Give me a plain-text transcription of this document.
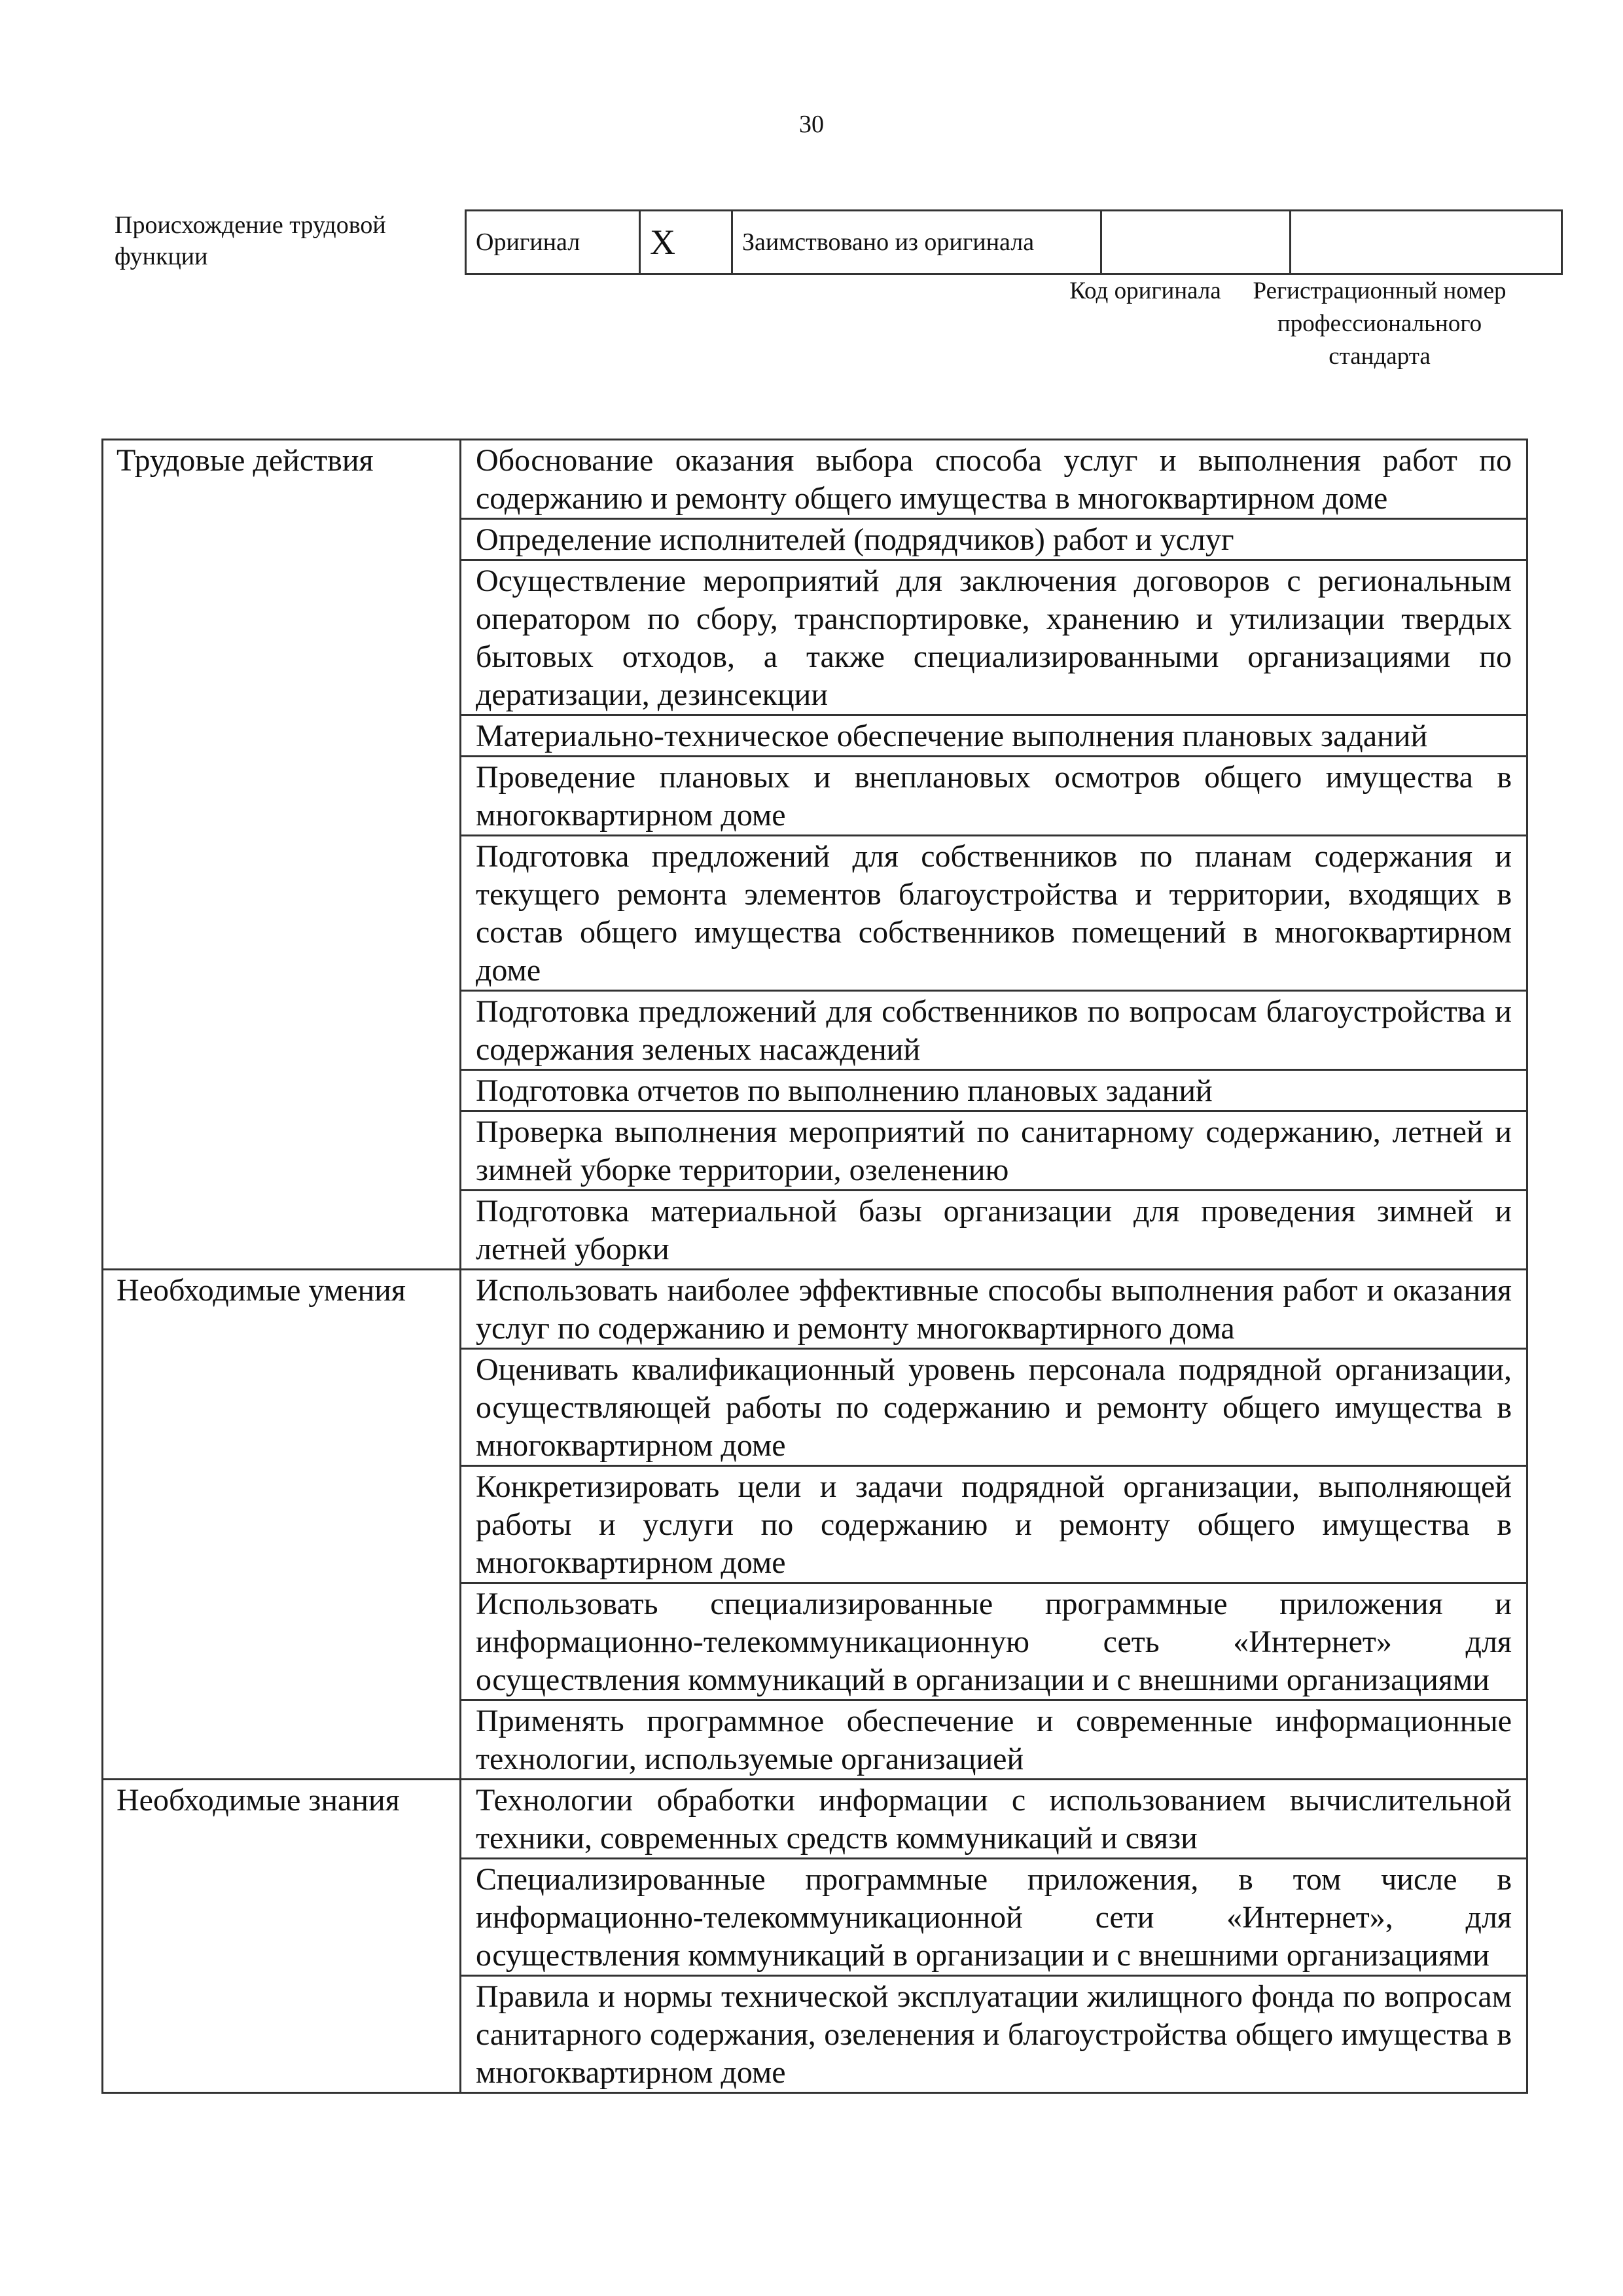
30
Происхождение трудовой функции
Оригинал	X	Заимствовано из оригинала		
Код оригинала	Регистрационный номер профессионального стандарта
Трудовые действия	Обоснование оказания выбора способа услуг и выполнения работ по содержанию и ремонту общего имущества в многоквартирном доме
	Определение исполнителей (подрядчиков) работ и услуг
	Осуществление мероприятий для заключения договоров с региональным оператором по сбору, транспортировке, хранению и утилизации твердых бытовых отходов, а также специализированными организациями по дератизации, дезинсекции
	Материально-техническое обеспечение выполнения плановых заданий
	Проведение плановых и внеплановых осмотров общего имущества в многоквартирном доме
	Подготовка предложений для собственников по планам содержания и текущего ремонта элементов благоустройства и территории, входящих в состав общего имущества собственников помещений в многоквартирном доме
	Подготовка предложений для собственников по вопросам благоустройства и содержания зеленых насаждений
	Подготовка отчетов по выполнению плановых заданий
	Проверка выполнения мероприятий по санитарному содержанию, летней и зимней уборке территории, озеленению
	Подготовка материальной базы организации для проведения зимней и летней уборки
Необходимые умения	Использовать наиболее эффективные способы выполнения работ и оказания услуг по содержанию и ремонту многоквартирного дома
	Оценивать квалификационный уровень персонала подрядной организации, осуществляющей работы по содержанию и ремонту общего имущества в многоквартирном доме
	Конкретизировать цели и задачи подрядной организации, выполняющей работы и услуги по содержанию и ремонту общего имущества в многоквартирном доме
	Использовать специализированные программные приложения и информационно-телекоммуникационную сеть «Интернет» для осуществления коммуникаций в организации и с внешними организациями
	Применять программное обеспечение и современные информационные технологии, используемые организацией
Необходимые знания	Технологии обработки информации с использованием вычислительной техники, современных средств коммуникаций и связи
	Специализированные программные приложения, в том числе в информационно-телекоммуникационной сети «Интернет», для осуществления коммуникаций в организации и с внешними организациями
	Правила и нормы технической эксплуатации жилищного фонда по вопросам санитарного содержания, озеленения и благоустройства общего имущества в многоквартирном доме
